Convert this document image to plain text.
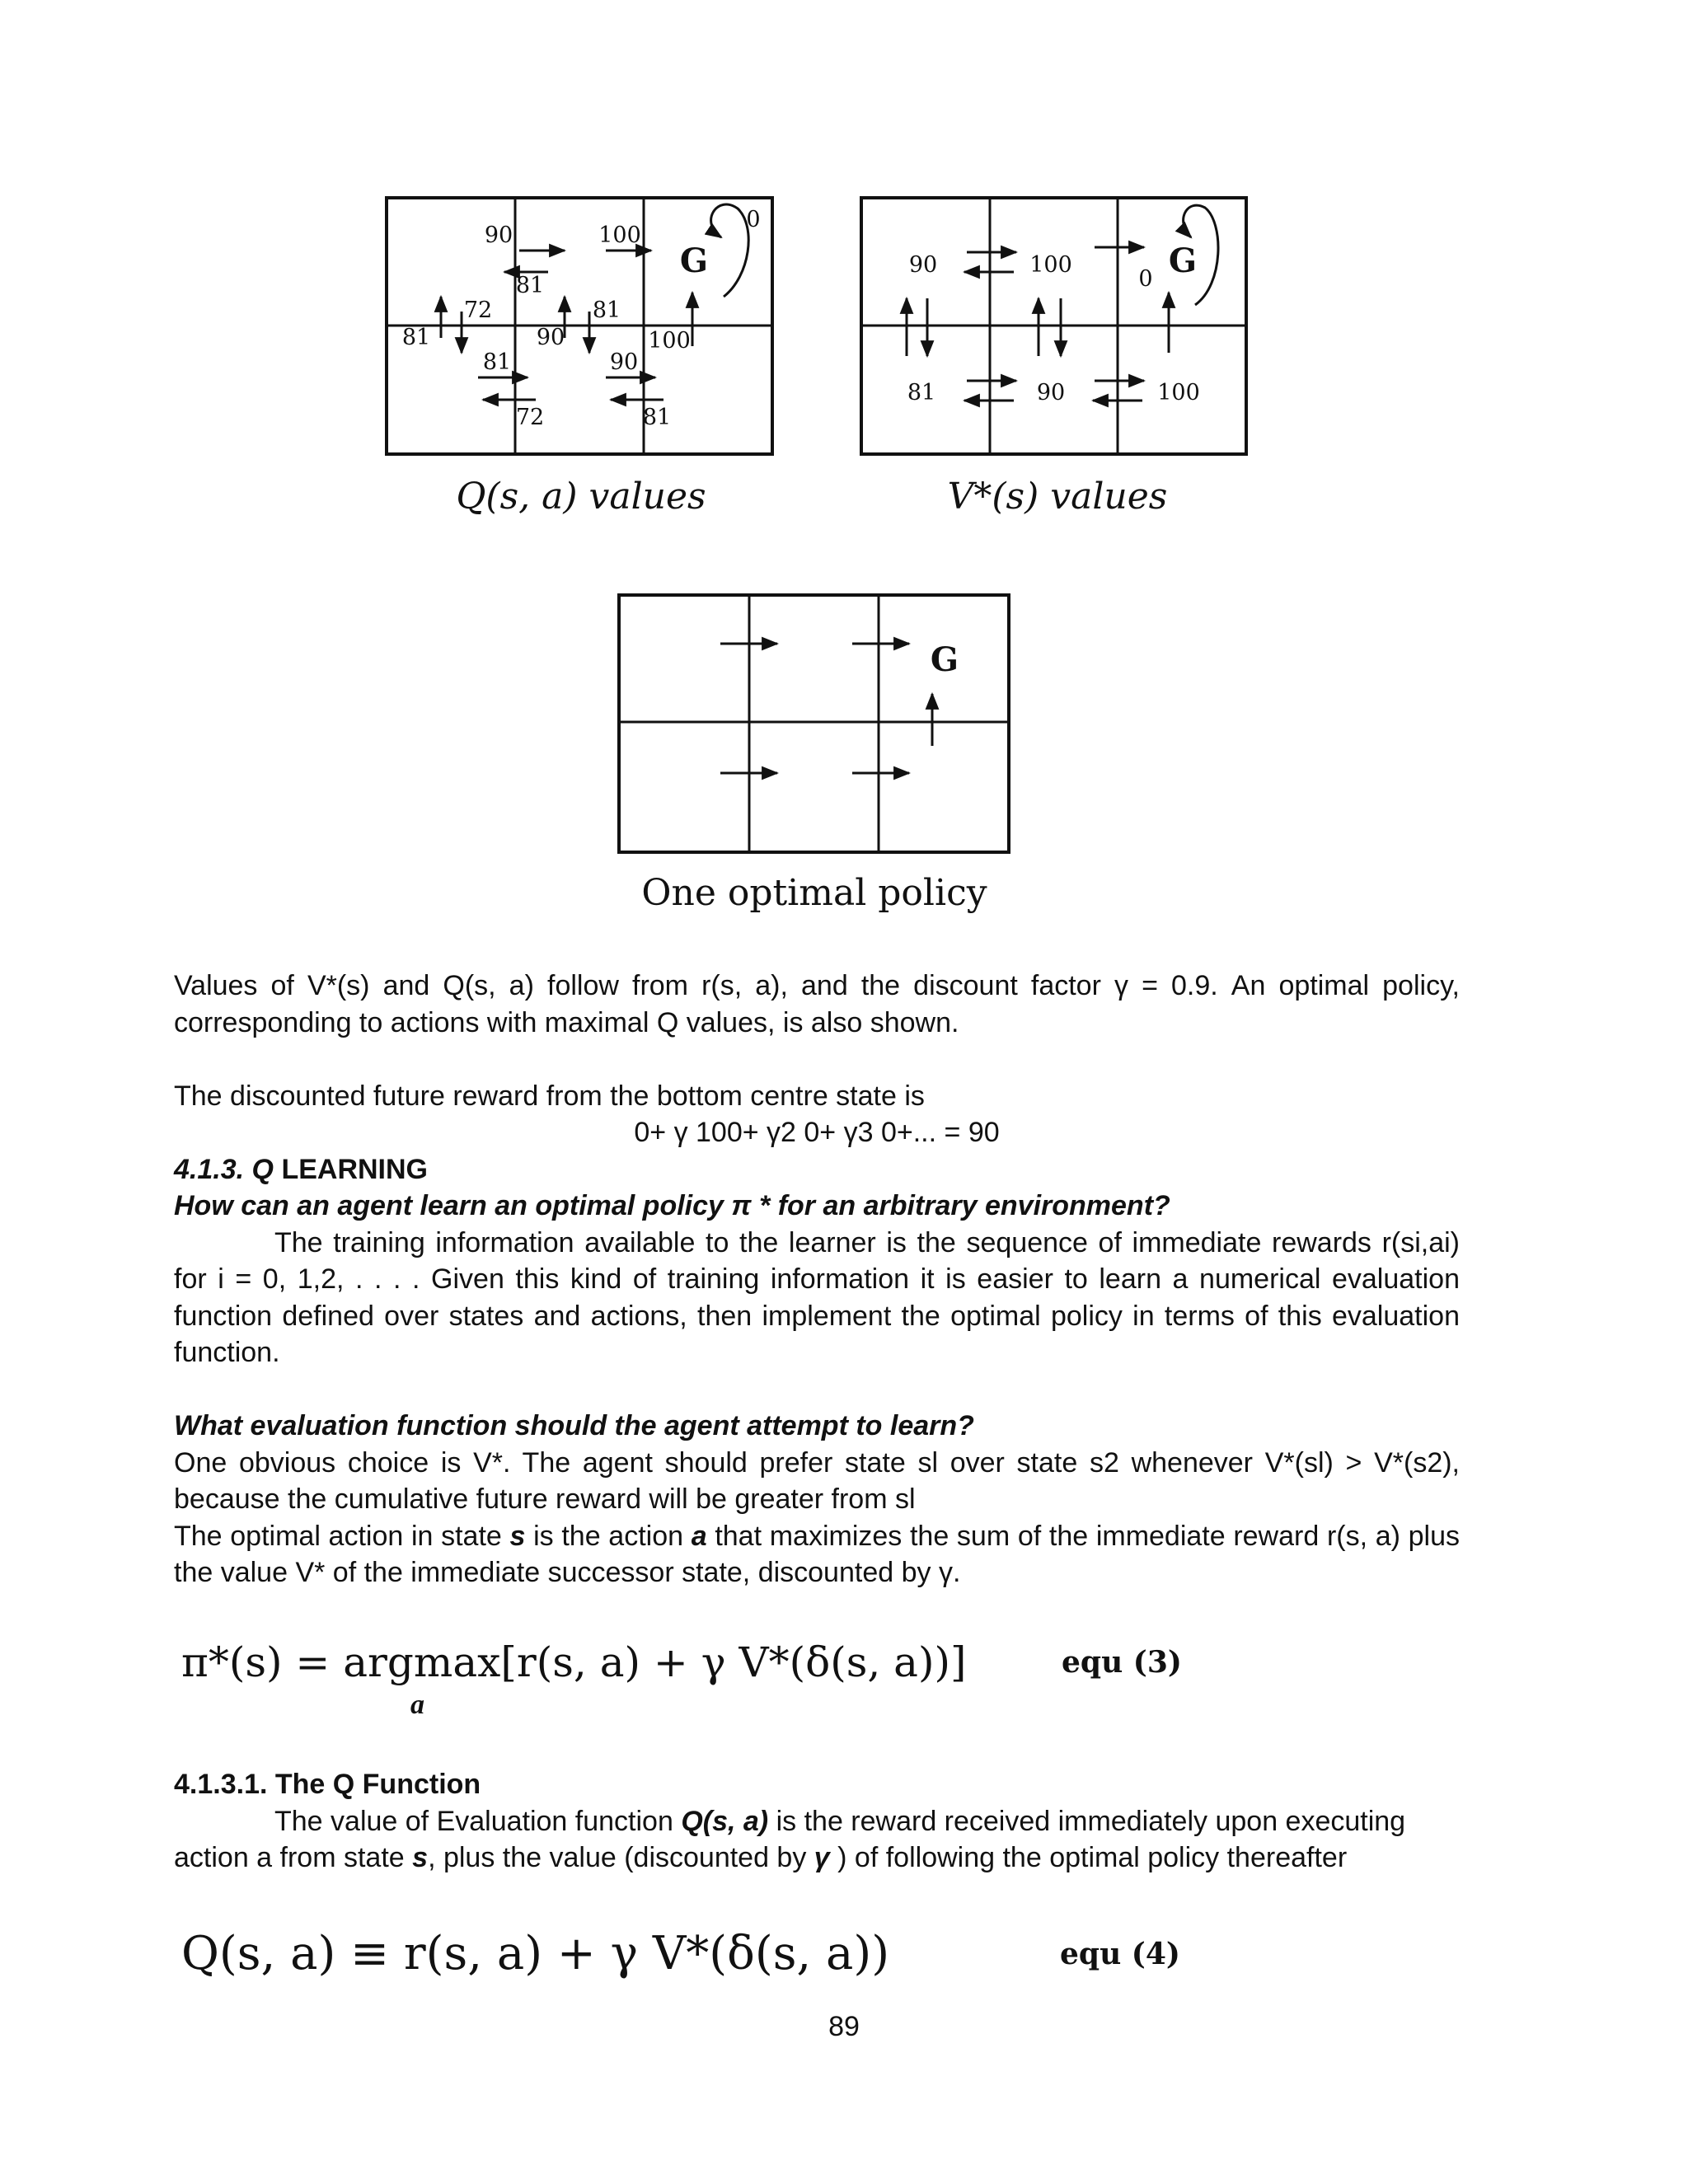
G
90	100
0
81
72	81
81	90	100
81	90
72	81
Q(s, a) values
G
90	100
0
81	90	100
V*(s) values
G
One optimal policy

Values of V*(s) and Q(s, a) follow from r(s, a), and the discount factor γ = 0.9. An optimal policy, corresponding to actions with maximal Q values, is also shown.

The discounted future reward from the bottom centre state is

0+ γ 100+ γ2 0+ γ3 0+... = 90

4.1.3. Q LEARNING

How can an agent learn an optimal policy π * for an arbitrary environment?

The training information available to the learner is the sequence of immediate rewards r(si,ai) for i = 0, 1,2, . . . . Given this kind of training information it is easier to learn a numerical evaluation function defined over states and actions, then implement the optimal policy in terms of this evaluation function.

What evaluation function should the agent attempt to learn?

One obvious choice is V*. The agent should prefer state sl over state s2 whenever V*(sl) > V*(s2), because the cumulative future reward will be greater from sl

The optimal action in state s is the action a that maximizes the sum of the immediate reward r(s, a) plus the value V* of the immediate successor state, discounted by γ.

π*(s) = argmax[r(s, a) + γ V*(δ(s, a))]
a
equ (3)

4.1.3.1. The Q Function

The value of Evaluation function Q(s, a) is the reward received immediately upon executing action a from state s, plus the value (discounted by γ ) of following the optimal policy thereafter

Q(s, a) ≡ r(s, a) + γ V*(δ(s, a))	equ (4)
89
